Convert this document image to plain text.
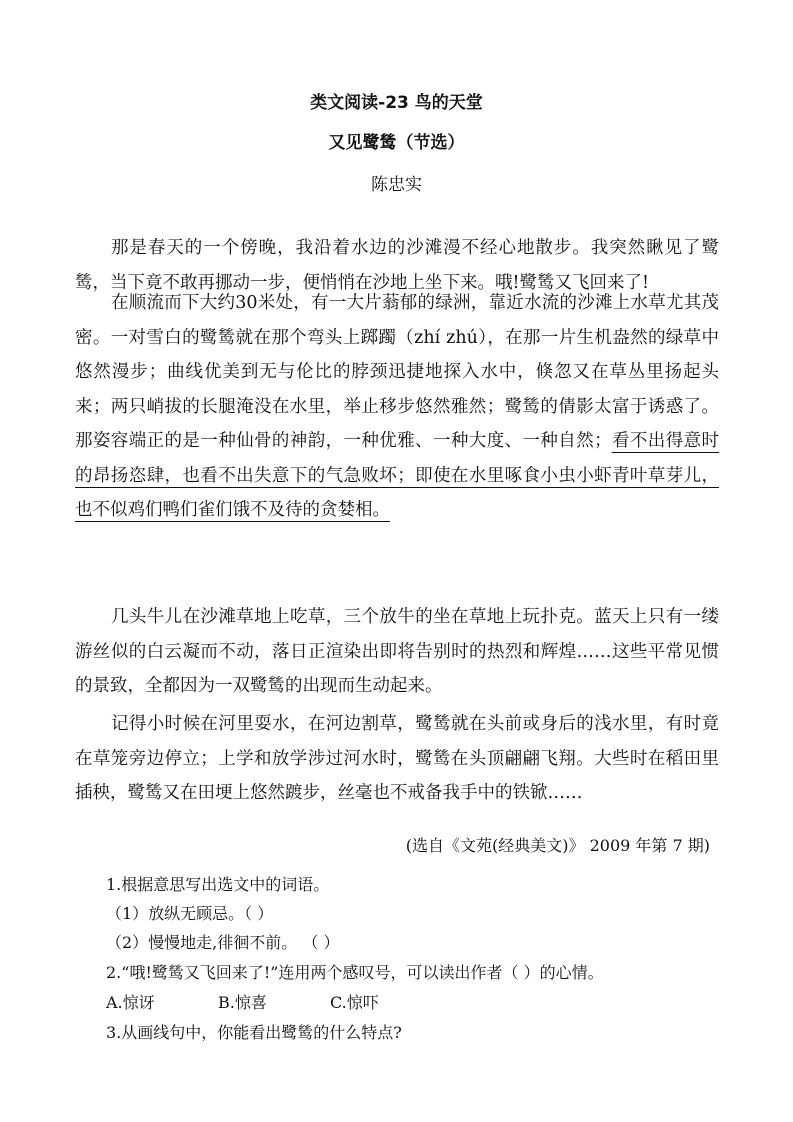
类文阅读-23 鸟的天堂
又见鹭鸶（节选）
陈忠实

那是春天的一个傍晚，我沿着水边的沙滩漫不经心地散步。我突然瞅见了鹭鸶，当下竟不敢再挪动一步，便悄悄在沙地上坐下来。哦!鹭鸶又飞回来了!

在顺流而下大约30米处，有一大片蓊郁的绿洲，靠近水流的沙滩上水草尤其茂密。一对雪白的鹭鸶就在那个弯头上踯躅（zhí zhú），在那一片生机盎然的绿草中悠然漫步；曲线优美到无与伦比的脖颈迅捷地探入水中，倏忽又在草丛里扬起头来；两只峭拔的长腿淹没在水里，举止移步悠然雅然；鹭鸶的倩影太富于诱惑了。那姿容端正的是一种仙骨的神韵，一种优雅、一种大度、一种自然；看不出得意时的昂扬恣肆，也看不出失意下的气急败坏；即使在水里啄食小虫小虾青叶草芽儿，也不似鸡们鸭们雀们饿不及待的贪婪相。

几头牛儿在沙滩草地上吃草，三个放牛的坐在草地上玩扑克。蓝天上只有一缕游丝似的白云凝而不动，落日正渲染出即将告别时的热烈和辉煌……这些平常见惯的景致，全都因为一双鹭鸶的出现而生动起来。

记得小时候在河里耍水，在河边割草，鹭鸶就在头前或身后的浅水里，有时竟在草笼旁边停立；上学和放学涉过河水时，鹭鸶在头顶翩翩飞翔。大些时在稻田里插秧，鹭鸶又在田埂上悠然踱步，丝毫也不戒备我手中的铁锨……

(选自《文苑(经典美文)》 2009 年第 7 期)
1.根据意思写出选文中的词语。
（1）放纵无顾忌。（ ）
（2）慢慢地走,徘徊不前。 （ ）
2.“哦!鹭鸶又飞回来了!”连用两个感叹号，可以读出作者（ ）的心情。
A.惊讶	B.惊喜	C.惊吓
3.从画线句中，你能看出鹭鸶的什么特点?
